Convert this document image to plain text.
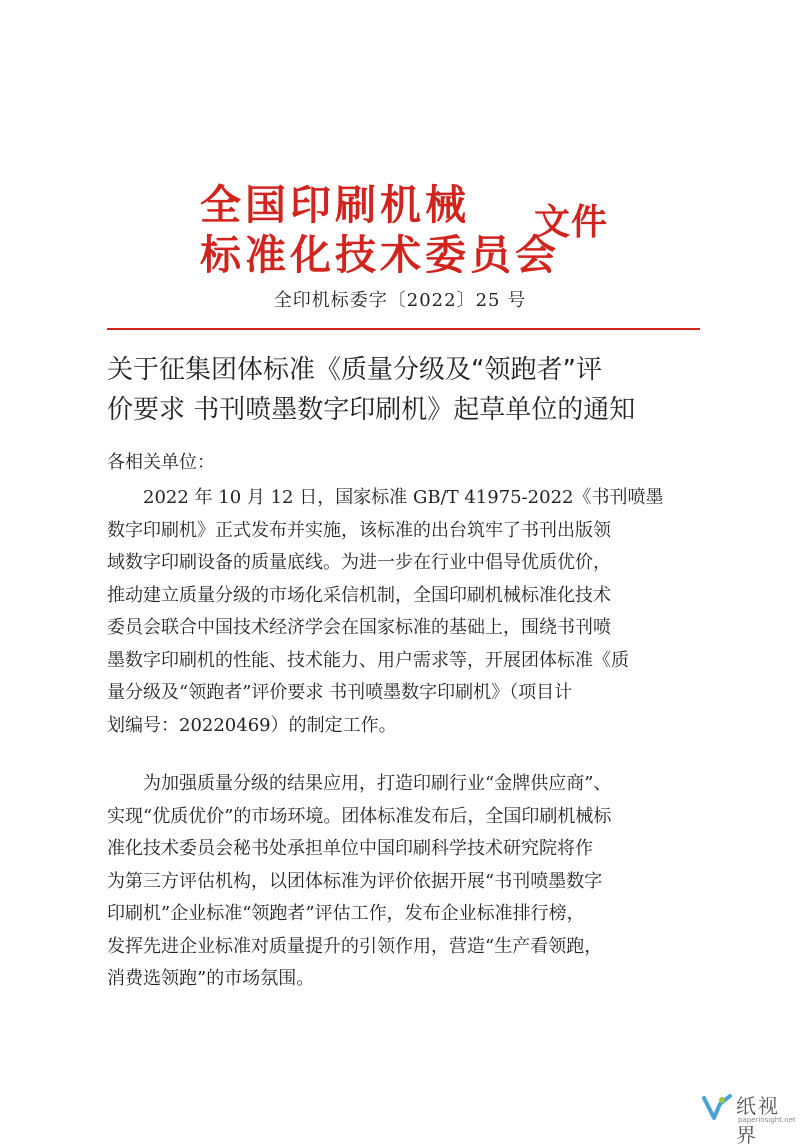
全国印刷机械
标准化技术委员会
文件
全印机标委字〔2022〕25 号
关于征集团体标准《质量分级及“领跑者”评
价要求 书刊喷墨数字印刷机》起草单位的通知
各相关单位：
　　2022 年 10 月 12 日，国家标准 GB/T 41975-2022《书刊喷墨
数字印刷机》正式发布并实施，该标准的出台筑牢了书刊出版领
域数字印刷设备的质量底线。为进一步在行业中倡导优质优价，
推动建立质量分级的市场化采信机制，全国印刷机械标准化技术
委员会联合中国技术经济学会在国家标准的基础上，围绕书刊喷
墨数字印刷机的性能、技术能力、用户需求等，开展团体标准《质
量分级及“领跑者”评价要求 书刊喷墨数字印刷机》（项目计
划编号：20220469）的制定工作。
　　为加强质量分级的结果应用，打造印刷行业“金牌供应商”、
实现“优质优价”的市场环境。团体标准发布后，全国印刷机械标
准化技术委员会秘书处承担单位中国印刷科学技术研究院将作
为第三方评估机构，以团体标准为评价依据开展“书刊喷墨数字
印刷机”企业标准“领跑者”评估工作，发布企业标准排行榜，
发挥先进企业标准对质量提升的引领作用，营造“生产看领跑，
消费选领跑”的市场氛围。
纸视界
paperinsight.net
